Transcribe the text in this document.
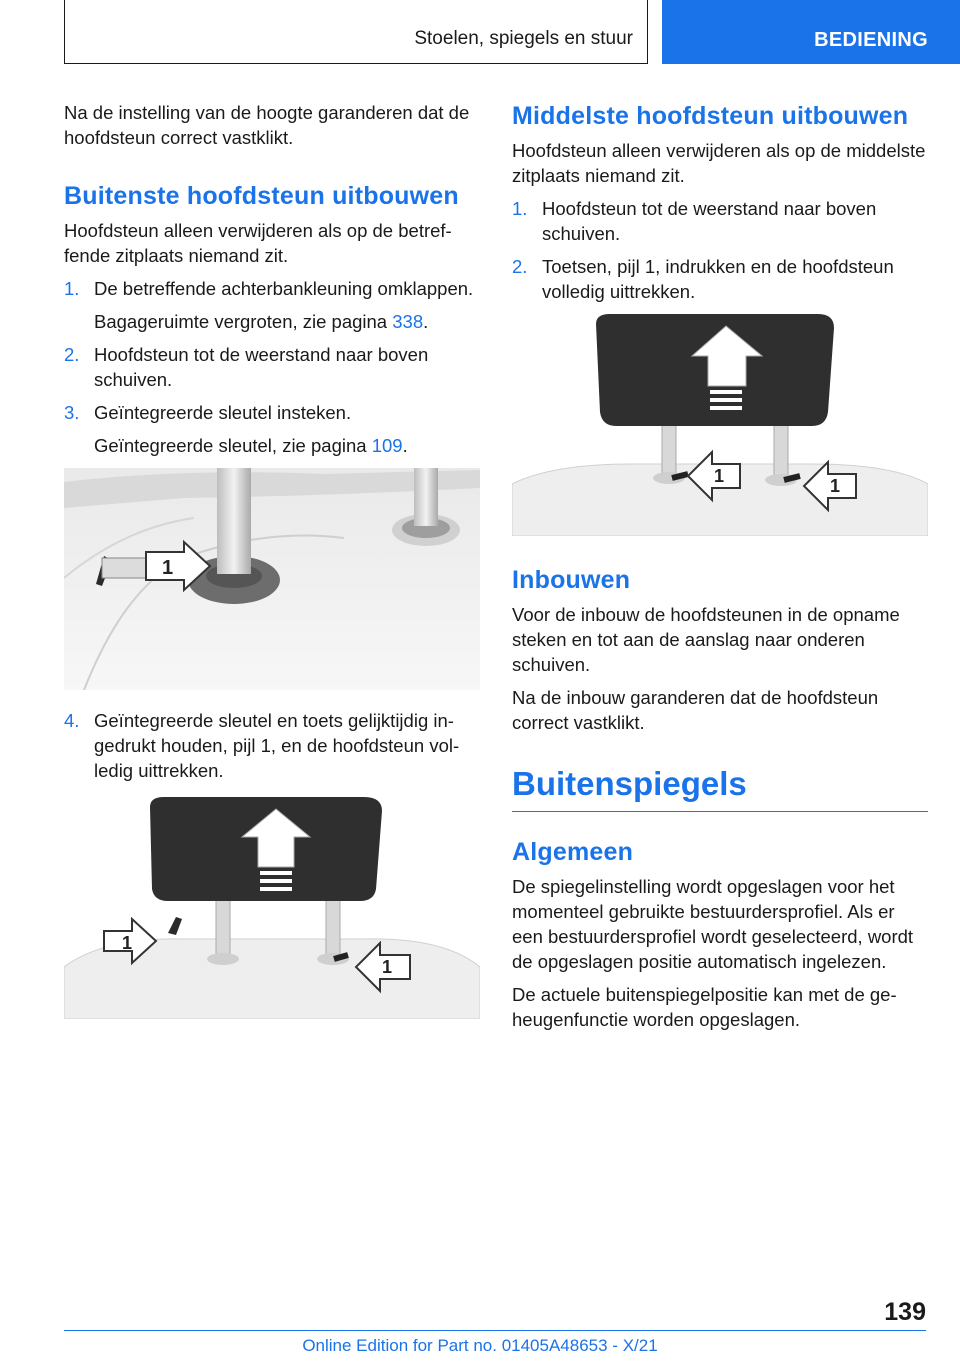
Stoelen, spiegels en stuur	BEDIENING

Na de instelling van de hoogte garanderen dat de hoofdsteun correct vastklikt.

Buitenste hoofdsteun uitbouwen

Hoofdsteun alleen verwijderen als op de betreffende zitplaats niemand zit.

1. De betreffende achterbankleuning omklappen.
Bagageruimte vergroten, zie pagina 338.
2. Hoofdsteun tot de weerstand naar boven schuiven.
3. Geïntegreerde sleutel insteken.
Geïntegreerde sleutel, zie pagina 109.
1
4. Geïntegreerde sleutel en toets gelijktijdig ingedrukt houden, pijl 1, en de hoofdsteun volledig uittrekken.
1
1
Middelste hoofdsteun uitbouwen

Hoofdsteun alleen verwijderen als op de middelste zitplaats niemand zit.

1. Hoofdsteun tot de weerstand naar boven schuiven.
2. Toetsen, pijl 1, indrukken en de hoofdsteun volledig uittrekken.
1	1
Inbouwen

Voor de inbouw de hoofdsteunen in de opname steken en tot aan de aanslag naar onderen schuiven.

Na de inbouw garanderen dat de hoofdsteun correct vastklikt.

Buitenspiegels
Algemeen

De spiegelinstelling wordt opgeslagen voor het momenteel gebruikte bestuurdersprofiel. Als er een bestuurdersprofiel wordt geselecteerd, wordt de opgeslagen positie automatisch ingelezen.

De actuele buitenspiegelpositie kan met de geheugenfunctie worden opgeslagen.

139
Online Edition for Part no. 01405A48653 - X/21
